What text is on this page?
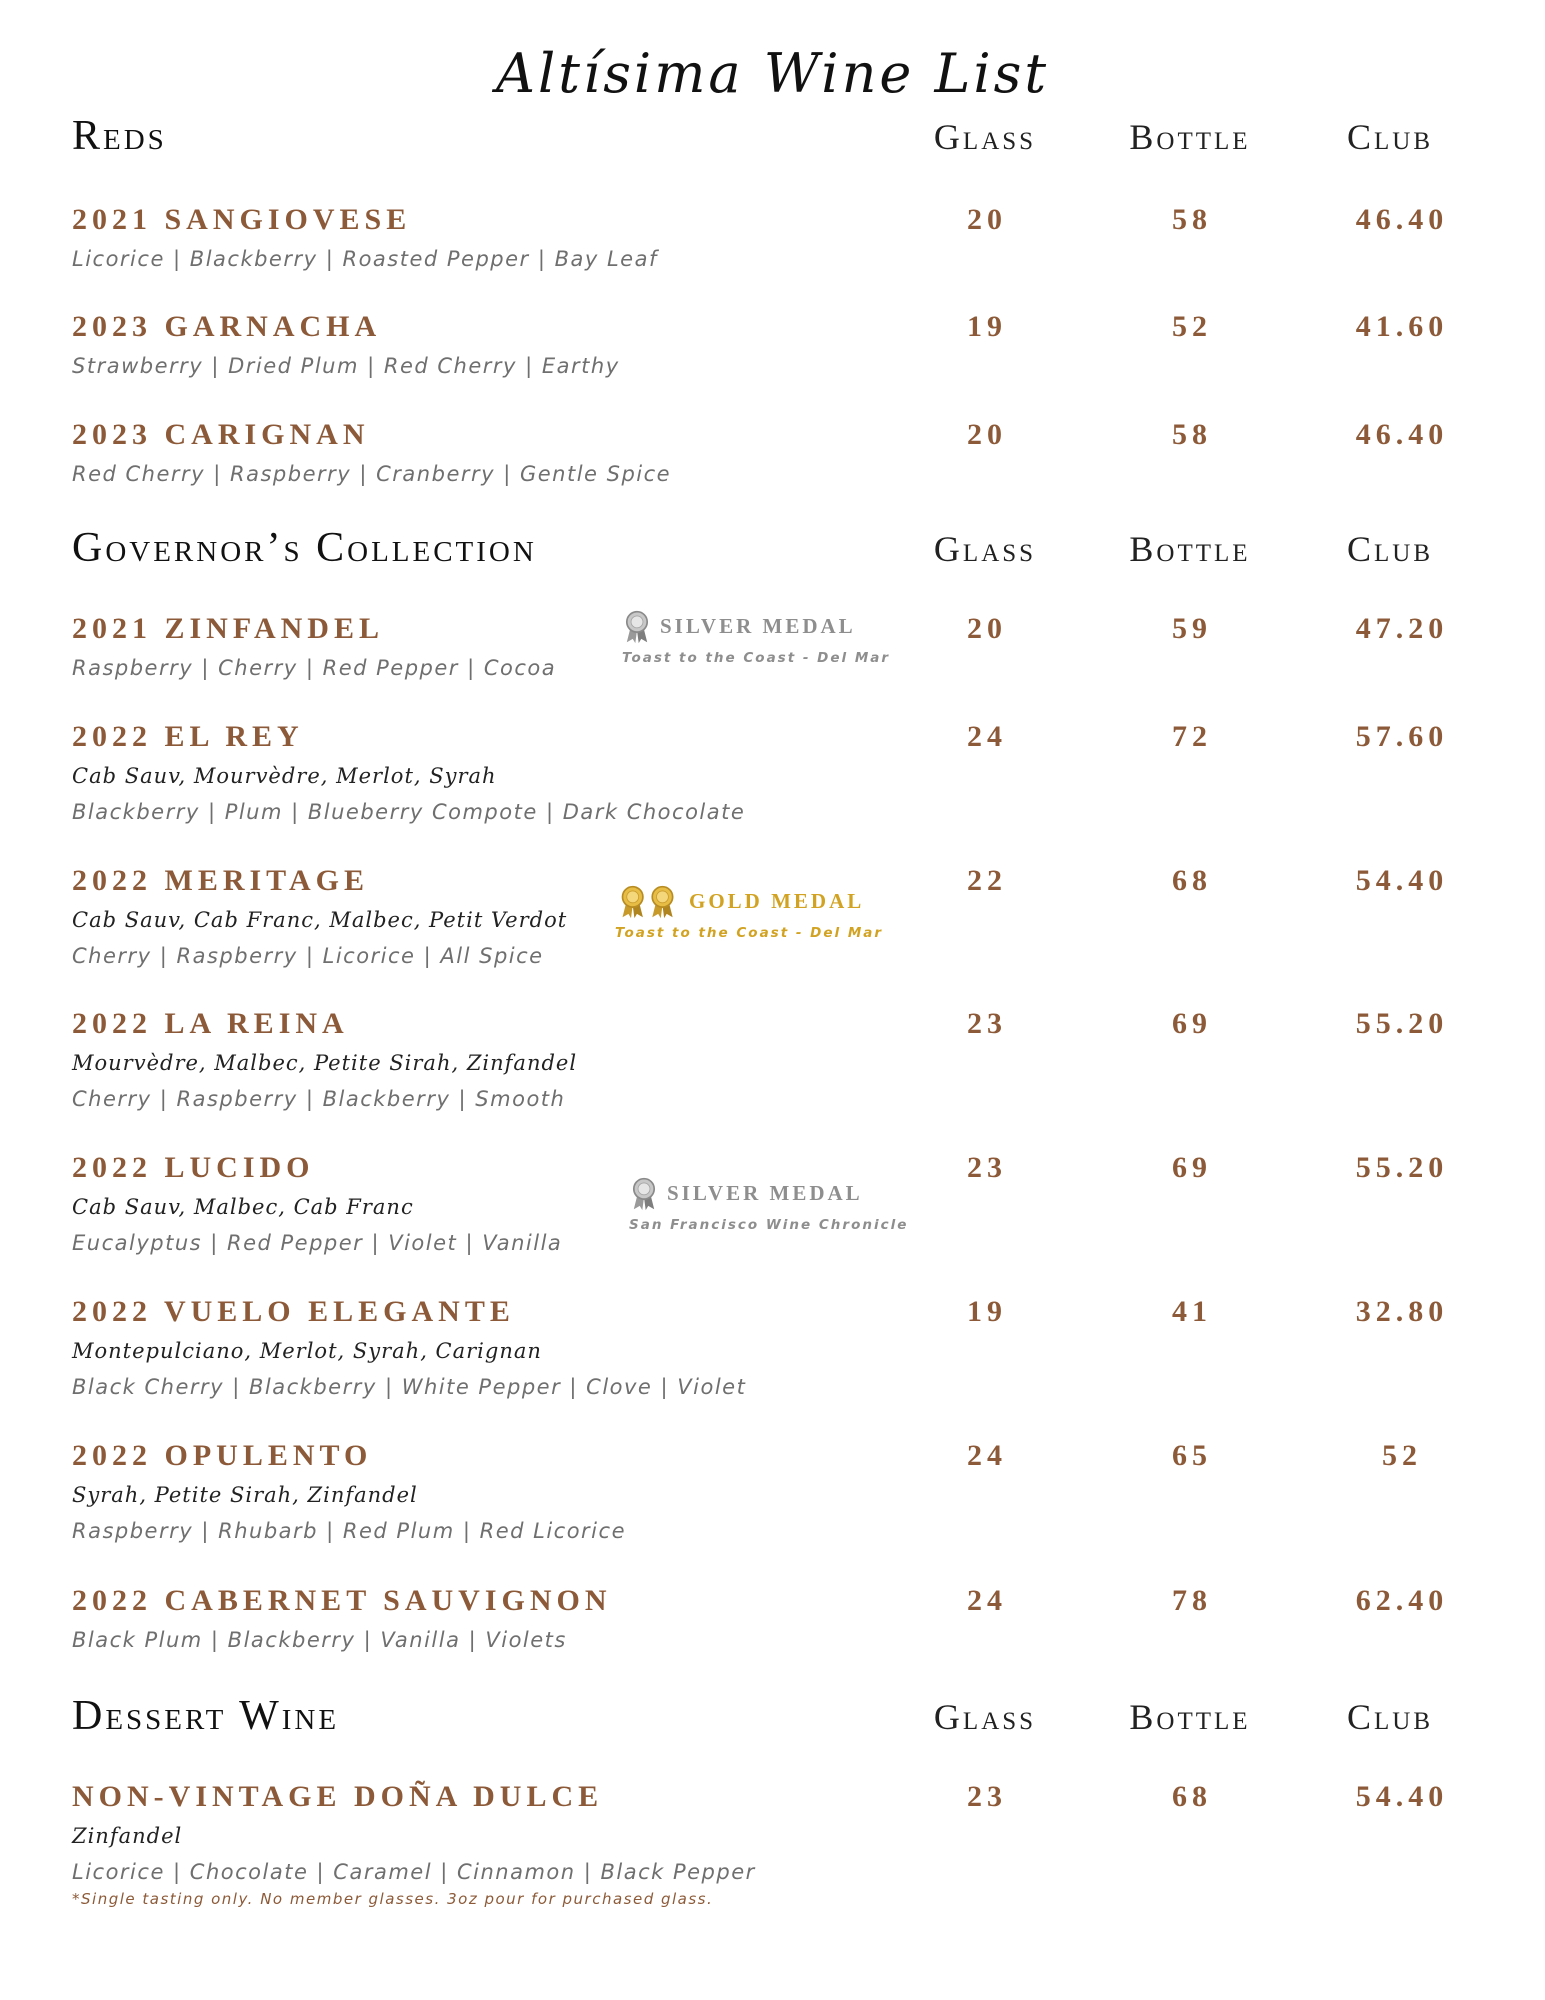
Altísima Wine List
Reds	Glass	Bottle	Club
2021 SANGIOVESE
Licorice | Blackberry | Roasted Pepper | Bay Leaf
20	58	46.40
2023 GARNACHA
Strawberry | Dried Plum | Red Cherry | Earthy
19	52	41.60
2023 CARIGNAN
Red Cherry | Raspberry | Cranberry | Gentle Spice
20	58	46.40
Governor’s Collection	Glass	Bottle	Club
2021 ZINFANDEL
Raspberry | Cherry | Red Pepper | Cocoa
20	59	47.20
SILVER MEDAL
Toast to the Coast - Del Mar
2022 EL REY
Cab Sauv, Mourvèdre, Merlot, Syrah
Blackberry | Plum | Blueberry Compote | Dark Chocolate
24	72	57.60
2022 MERITAGE
Cab Sauv, Cab Franc, Malbec, Petit Verdot
Cherry | Raspberry | Licorice | All Spice
22	68	54.40
GOLD MEDAL
Toast to the Coast - Del Mar
2022 LA REINA
Mourvèdre, Malbec, Petite Sirah, Zinfandel
Cherry | Raspberry | Blackberry | Smooth
23	69	55.20
2022 LUCIDO
Cab Sauv, Malbec, Cab Franc
Eucalyptus | Red Pepper | Violet | Vanilla
23	69	55.20
SILVER MEDAL
San Francisco Wine Chronicle
2022 VUELO ELEGANTE
Montepulciano, Merlot, Syrah, Carignan
Black Cherry | Blackberry | White Pepper | Clove | Violet
19	41	32.80
2022 OPULENTO
Syrah, Petite Sirah, Zinfandel
Raspberry | Rhubarb | Red Plum | Red Licorice
24	65	52
2022 CABERNET SAUVIGNON
Black Plum | Blackberry | Vanilla | Violets
24	78	62.40
Dessert Wine	Glass	Bottle	Club
NON-VINTAGE DOÑA DULCE
Zinfandel
Licorice | Chocolate | Caramel | Cinnamon | Black Pepper
23	68	54.40
*Single tasting only. No member glasses. 3oz pour for purchased glass.
